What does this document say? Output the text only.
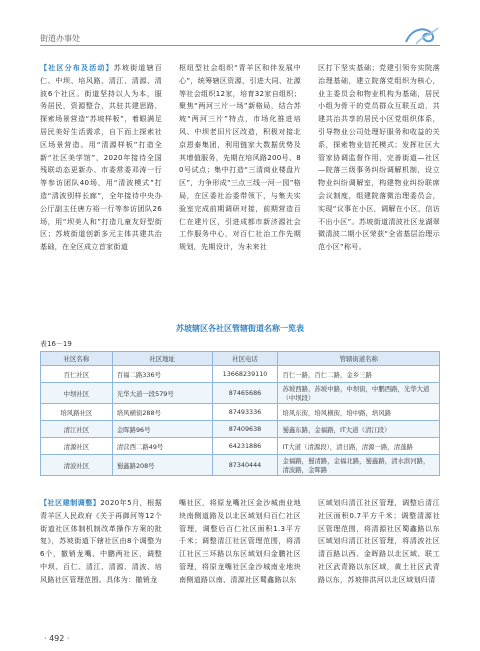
街道办事处
【社区分布及活动】苏坡街道辖百仁、中坝、培风路、清江、清源、清波6个社区。街道坚持以人为本，服务居民，资源整合，共驻共建思路，探索场景营造“苏坡样板”，着眼满足居民美好生活需求，自下而上探索社区场景营造。用“清源样板”打造全新“社区美学馆”，2020年接待全国残联动态更新办、市委常委邓涛一行等参访团队40场，用“清波模式”打造“清波别样长廊”，全年接待中央办公厅副主任唐方裕一行等参访团队26场，用“坝美人和”打造儿童友好型街区；苏坡街道创新多元主体共建共治基础，在全区成立首家街道
枢纽型社会组织“青羊区和伴发展中心”，统筹辖区资源，引进大同、社源等社会组织12家，培育32家自组织；聚焦“两河三片一场”新格局，结合苏坡“两河三片”特点，市场化推进培风、中坝老旧片区改造，积极对接北京恩泰集团，利用链家大数据优势及其增值服务，先期在培风路200号、80号试点；集中打造“三清商业楼盘片区”，力争形成“三点三线一河一园”格局，在区委社治委带领下，与集夫实验室完成前期调研对接，前期营造百仁在建片区，引进成都市新济源社会工作服务中心，对百仁社治工作先期规划，先期设计，为未来社
区打下坚实基础；党建引领夯实院落治理基础，建立院落党组织为核心，业主委员会和物业机构为基础，居民小组为骨干的党员群众互联互动，共建共治共享的居民小区党组织体系，引导物业公司处理好服务和收益的关系，探索物业信托模式；发挥社区大管家协调监督作用，完善街道—社区—院落三级事务纠纷调解机制，设立物业纠纷调解室，构建物业纠纷联席会议制度，组建院落微治理委员会，实现“议事在小区，调解在小区，信访不出小区”。苏坡街道清波社区龙湖翠微清波二期小区荣获“全省基层治理示范小区”称号。
苏坡辖区各社区管辖街道名称一览表
表16－19
社区名称	社区地址	社区电话	管辖街道名称
百仁社区	百福二路336号	13668239110	百仁一路，百仁二路，金乡三路
中坝社区	光华大道一段579号	87465686	苏坡西路，苏坡中路，中坝街，中鹏西路，光华大道（中坝段）
培风路社区	培风横街288号	87493336	培风东街，培风横街，培中路，培风路
清江社区	金晖路96号	87409638	蜀鑫东路，金福路，IT大道（清江段）
清源社区	清营西二路49号	64231886	IT大道（清源段），清日路，清源一路，清蓬路
清波社区	蜀鑫路208号	87340444	金福路，蜀清路，金福北路，蜀鑫路，清水滨河路，清波路，金晖路
【社区建制调整】2020年5月，根据青羊区人民政府《关于再御河等12个街道社区体制机制改革操作方案的批复》，苏坡街道下辖社区由8个调整为6个，撤销龙嘴、中鹏两社区，调整中坝、百仁、清江、清源、清波、培风路社区管理范围。具体为：撤销龙
嘴社区，将原龙嘴社区金沙城南业地块南侧道路及以北区域划归百仁社区管理，调整后百仁社区面积1.3平方千米；调整清江社区管理范围，将清江社区三环路以东区域划归金鹏社区管理，将原龙嘴社区金沙城南业地块南侧道路以南、清源社区蜀鑫路以东
区域划归清江社区管理，调整后清江社区面积0.7平方千米；调整清源社区管理范围，将清源社区蜀鑫路以东区域划归清江社区管理，将清波社区清百路以西、金晖路以北区域、联工社区武青路以东区域，黄土社区武青路以东，苏坡排洪河以北区域划归清
· 492 ·
